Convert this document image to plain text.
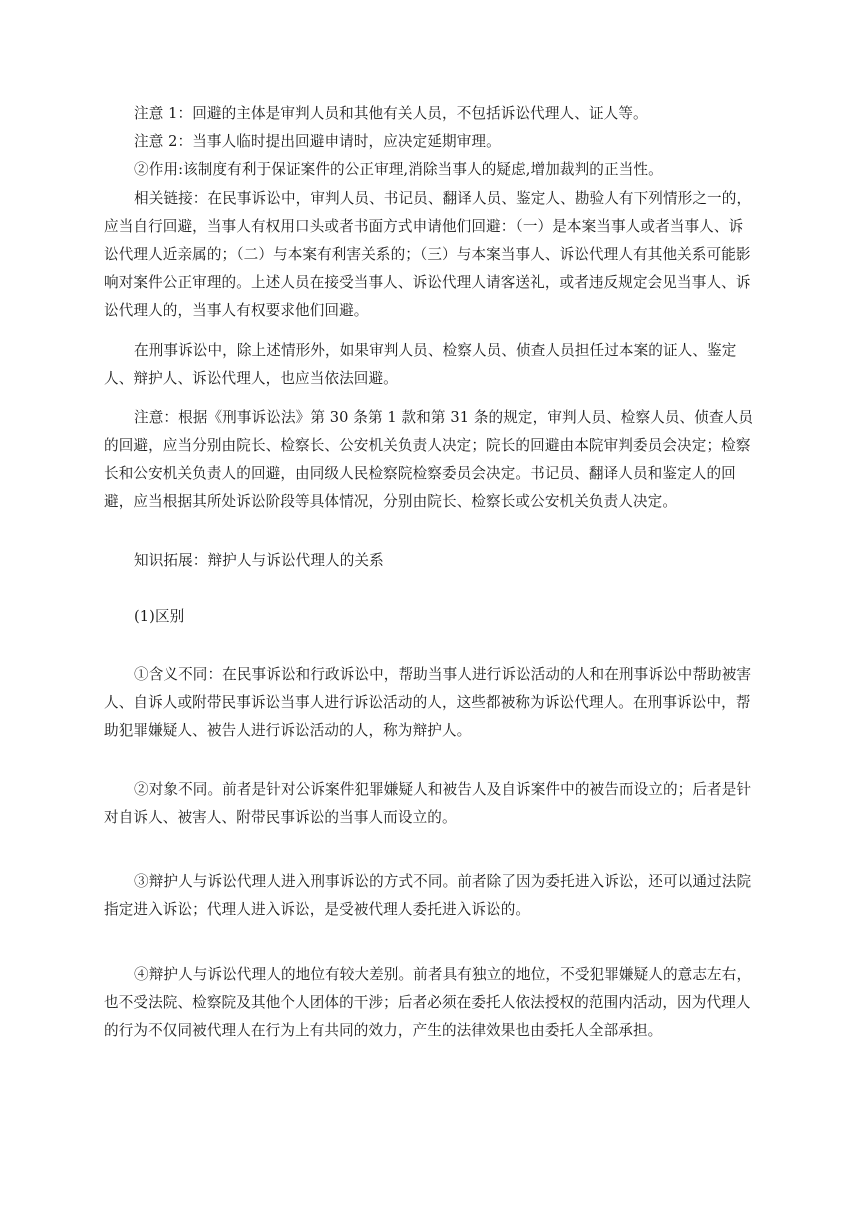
注意 1：回避的主体是审判人员和其他有关人员，不包括诉讼代理人、证人等。

注意 2：当事人临时提出回避申请时，应决定延期审理。

②作用:该制度有利于保证案件的公正审理,消除当事人的疑虑,增加裁判的正当性。

相关链接：在民事诉讼中，审判人员、书记员、翻译人员、鉴定人、勘验人有下列情形之一的，应当自行回避，当事人有权用口头或者书面方式申请他们回避：（一）是本案当事人或者当事人、诉讼代理人近亲属的；（二）与本案有利害关系的；（三）与本案当事人、诉讼代理人有其他关系可能影响对案件公正审理的。上述人员在接受当事人、诉讼代理人请客送礼，或者违反规定会见当事人、诉讼代理人的，当事人有权要求他们回避。

在刑事诉讼中，除上述情形外，如果审判人员、检察人员、侦查人员担任过本案的证人、鉴定人、辩护人、诉讼代理人，也应当依法回避。

注意：根据《刑事诉讼法》第 30 条第 1 款和第 31 条的规定，审判人员、检察人员、侦查人员的回避，应当分别由院长、检察长、公安机关负责人决定；院长的回避由本院审判委员会决定；检察长和公安机关负责人的回避，由同级人民检察院检察委员会决定。书记员、翻译人员和鉴定人的回避，应当根据其所处诉讼阶段等具体情况，分别由院长、检察长或公安机关负责人决定。

知识拓展：辩护人与诉讼代理人的关系

(1)区别

①含义不同：在民事诉讼和行政诉讼中，帮助当事人进行诉讼活动的人和在刑事诉讼中帮助被害人、自诉人或附带民事诉讼当事人进行诉讼活动的人，这些都被称为诉讼代理人。在刑事诉讼中，帮助犯罪嫌疑人、被告人进行诉讼活动的人，称为辩护人。

②对象不同。前者是针对公诉案件犯罪嫌疑人和被告人及自诉案件中的被告而设立的；后者是针对自诉人、被害人、附带民事诉讼的当事人而设立的。

③辩护人与诉讼代理人进入刑事诉讼的方式不同。前者除了因为委托进入诉讼，还可以通过法院指定进入诉讼；代理人进入诉讼，是受被代理人委托进入诉讼的。

④辩护人与诉讼代理人的地位有较大差别。前者具有独立的地位，不受犯罪嫌疑人的意志左右，也不受法院、检察院及其他个人团体的干涉；后者必须在委托人依法授权的范围内活动，因为代理人的行为不仅同被代理人在行为上有共同的效力，产生的法律效果也由委托人全部承担。
